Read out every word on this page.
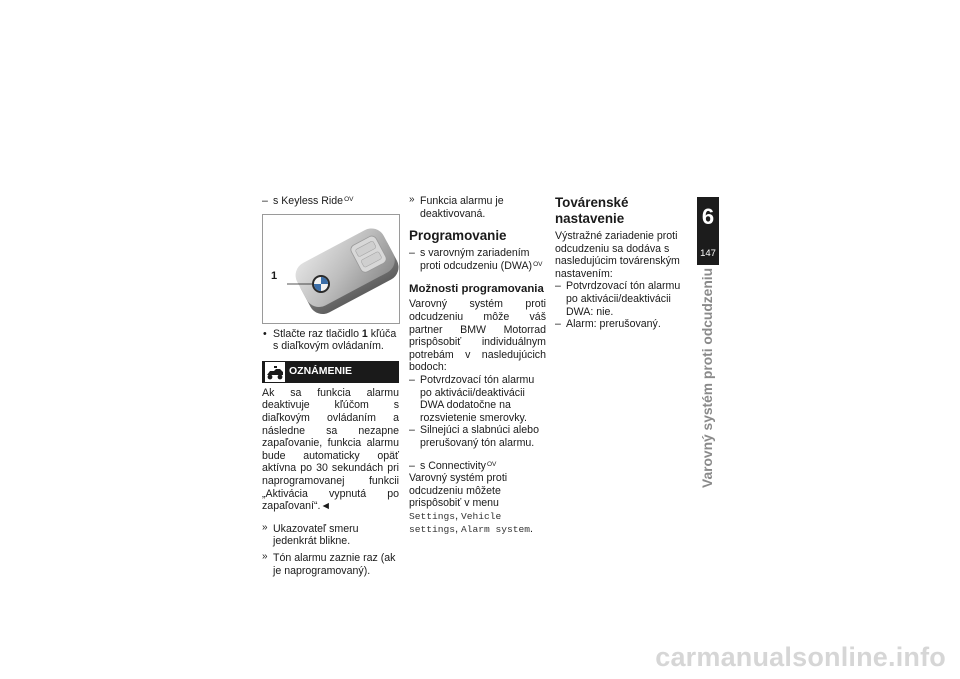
– s Keyless Ride$^{OV}$
1
• Stlačte raz tlačidlo 1 kľúča s diaľkovým ovládaním.
OZNÁMENIE
Ak sa funkcia alarmu deaktivuje kľúčom s diaľkovým ovládaním a následne sa nezapne zapaľovanie, funkcia alarmu bude automaticky opäť aktívna po 30 sekundách pri naprogramovanej funkcii „Aktivácia vypnutá po zapaľovaní“.◄
» Ukazovateľ smeru jedenkrát blikne.
» Tón alarmu zaznie raz (ak je naprogramovaný).
» Funkcia alarmu je deaktivovaná.
Programovanie
– s varovným zariadením proti odcudzeniu (DWA)$^{OV}$
Možnosti programovania
Varovný systém proti odcudzeniu môže váš partner BMW Motorrad prispôsobiť individuálnym potrebám v nasledujúcich bodoch:
– Potvrdzovací tón alarmu po aktivácii/deaktivácii DWA dodatočne na rozsvietenie smerovky.
– Silnejúci a slabnúci alebo prerušovaný tón alarmu.
– s Connectivity$^{OV}$
Varovný systém proti odcudzeniu môžete prispôsobiť v menu Settings, Vehicle settings, Alarm system.
Továrenské nastavenie
Výstražné zariadenie proti odcudzeniu sa dodáva s nasledujúcim továrenským nastavením:
– Potvrdzovací tón alarmu po aktivácii/deaktivácii DWA: nie.
– Alarm: prerušovaný.
6
147
Varovný systém proti odcudzeniu
carmanualsonline.info
